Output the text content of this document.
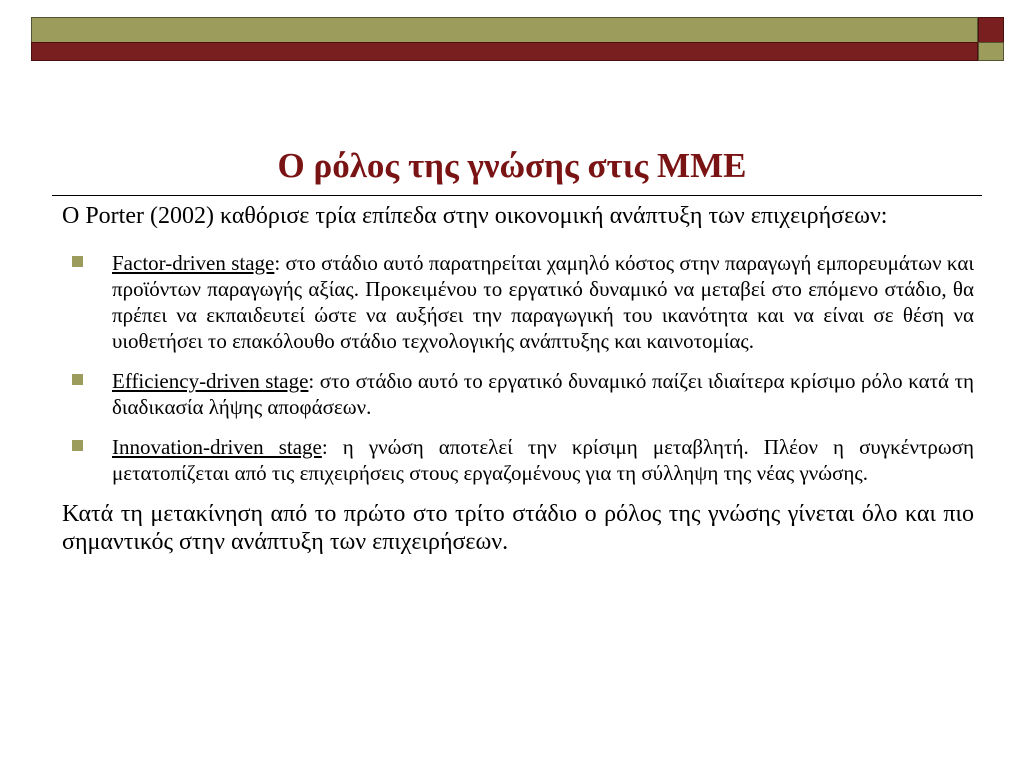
Ο ρόλος της γνώσης στις ΜΜΕ

Ο Porter (2002) καθόρισε τρία επίπεδα στην οικονομική ανάπτυξη των επιχειρήσεων:

Factor-driven stage: στο στάδιο αυτό παρατηρείται χαμηλό κόστος στην παραγωγή εμπορευμάτων και προϊόντων παραγωγής αξίας. Προκειμένου το εργατικό δυναμικό να μεταβεί στο επόμενο στάδιο, θα πρέπει να εκπαιδευτεί ώστε να αυξήσει την παραγωγική του ικανότητα και να είναι σε θέση να υιοθετήσει το επακόλουθο στάδιο τεχνολογικής ανάπτυξης και καινοτομίας.
Efficiency-driven stage: στο στάδιο αυτό το εργατικό δυναμικό παίζει ιδιαίτερα κρίσιμο ρόλο κατά τη διαδικασία λήψης αποφάσεων.
Innovation-driven stage: η γνώση αποτελεί την κρίσιμη μεταβλητή. Πλέον η συγκέντρωση μετατοπίζεται από τις επιχειρήσεις στους εργαζομένους για τη σύλληψη της νέας γνώσης.

Κατά τη μετακίνηση από το πρώτο στο τρίτο στάδιο ο ρόλος της γνώσης γίνεται όλο και πιο σημαντικός στην ανάπτυξη των επιχειρήσεων.
